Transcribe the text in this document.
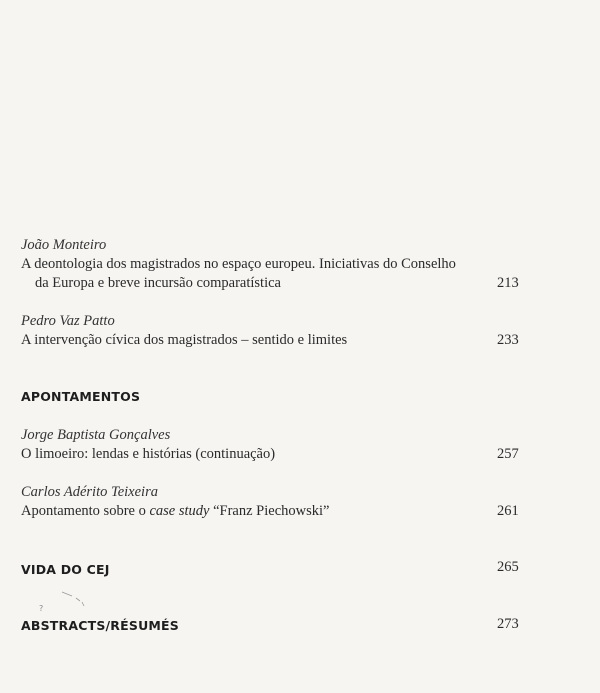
João Monteiro
A deontologia dos magistrados no espaço europeu. Iniciativas do Conselho
da Europa e breve incursão comparatística	213
Pedro Vaz Patto
A intervenção cívica dos magistrados – sentido e limites	233
APONTAMENTOS
Jorge Baptista Gonçalves
O limoeiro: lendas e histórias (continuação)	257
Carlos Adérito Teixeira
Apontamento sobre o case study “Franz Piechowski”	261
VIDA DO CEJ	265
?
ABSTRACTS/RÉSUMÉS	273
